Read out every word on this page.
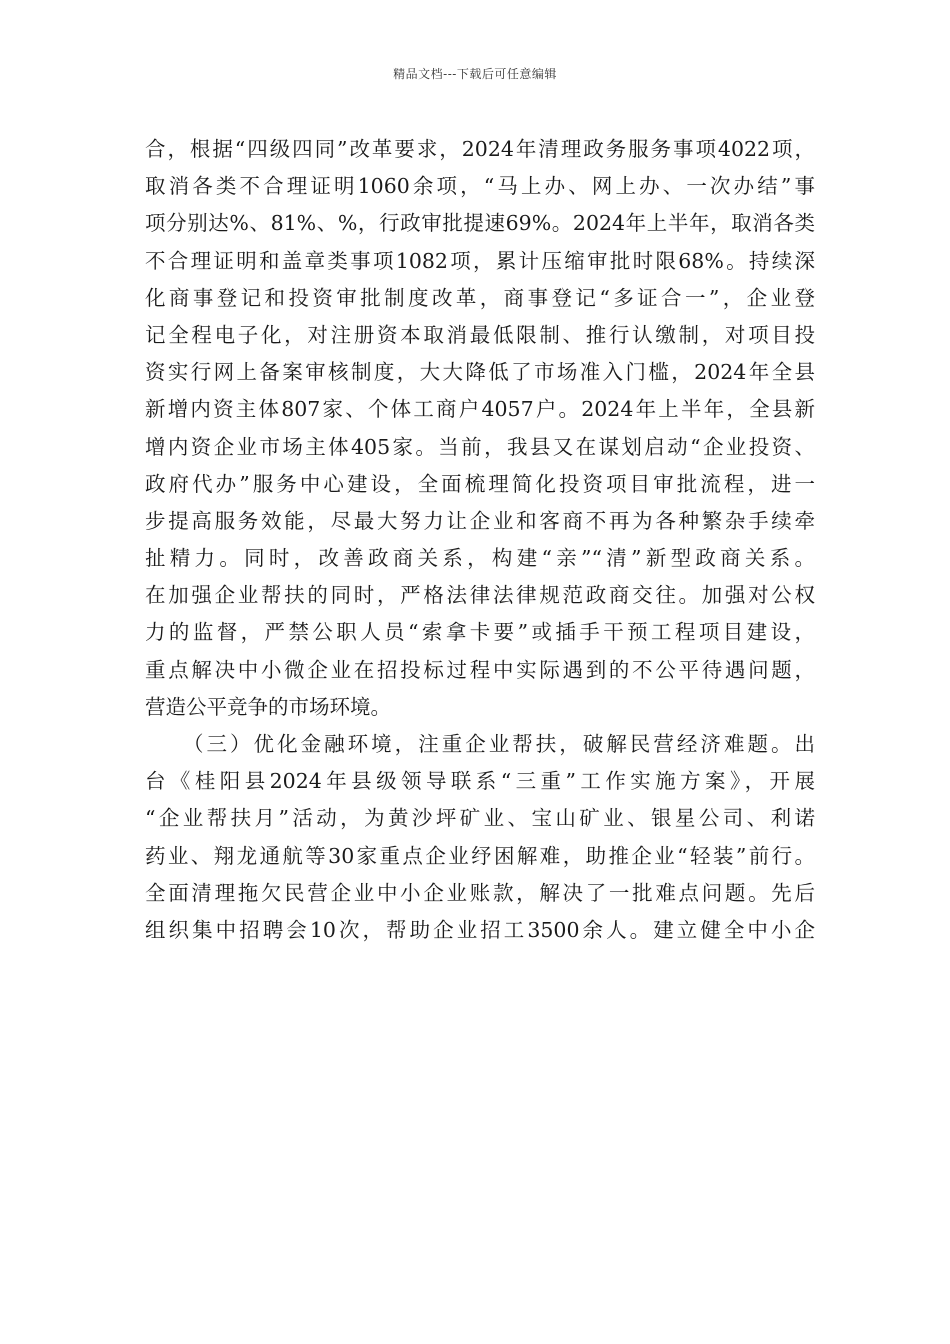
精品文档---下载后可任意编辑
合，根据“四级四同”改革要求，2024年清理政务服务事项4022项，
取消各类不合理证明1060余项，“马上办、网上办、一次办结”事
项分别达%、81%、%，行政审批提速69%。2024年上半年，取消各类
不合理证明和盖章类事项1082项，累计压缩审批时限68%。持续深
化商事登记和投资审批制度改革，商事登记“多证合一”，企业登
记全程电子化，对注册资本取消最低限制、推行认缴制，对项目投
资实行网上备案审核制度，大大降低了市场准入门槛，2024年全县
新增内资主体807家、个体工商户4057户。2024年上半年，全县新
增内资企业市场主体405家。当前，我县又在谋划启动“企业投资、
政府代办”服务中心建设，全面梳理简化投资项目审批流程，进一
步提高服务效能，尽最大努力让企业和客商不再为各种繁杂手续牵
扯精力。同时，改善政商关系，构建“亲”“清”新型政商关系。
在加强企业帮扶的同时，严格法律法律规范政商交往。加强对公权
力的监督，严禁公职人员“索拿卡要”或插手干预工程项目建设，
重点解决中小微企业在招投标过程中实际遇到的不公平待遇问题，
营造公平竞争的市场环境。
（三）优化金融环境，注重企业帮扶，破解民营经济难题。出
台《桂阳县2024年县级领导联系“三重”工作实施方案》，开展
“企业帮扶月”活动，为黄沙坪矿业、宝山矿业、银星公司、利诺
药业、翔龙通航等30家重点企业纾困解难，助推企业“轻装”前行。
全面清理拖欠民营企业中小企业账款，解决了一批难点问题。先后
组织集中招聘会10次，帮助企业招工3500余人。建立健全中小企
